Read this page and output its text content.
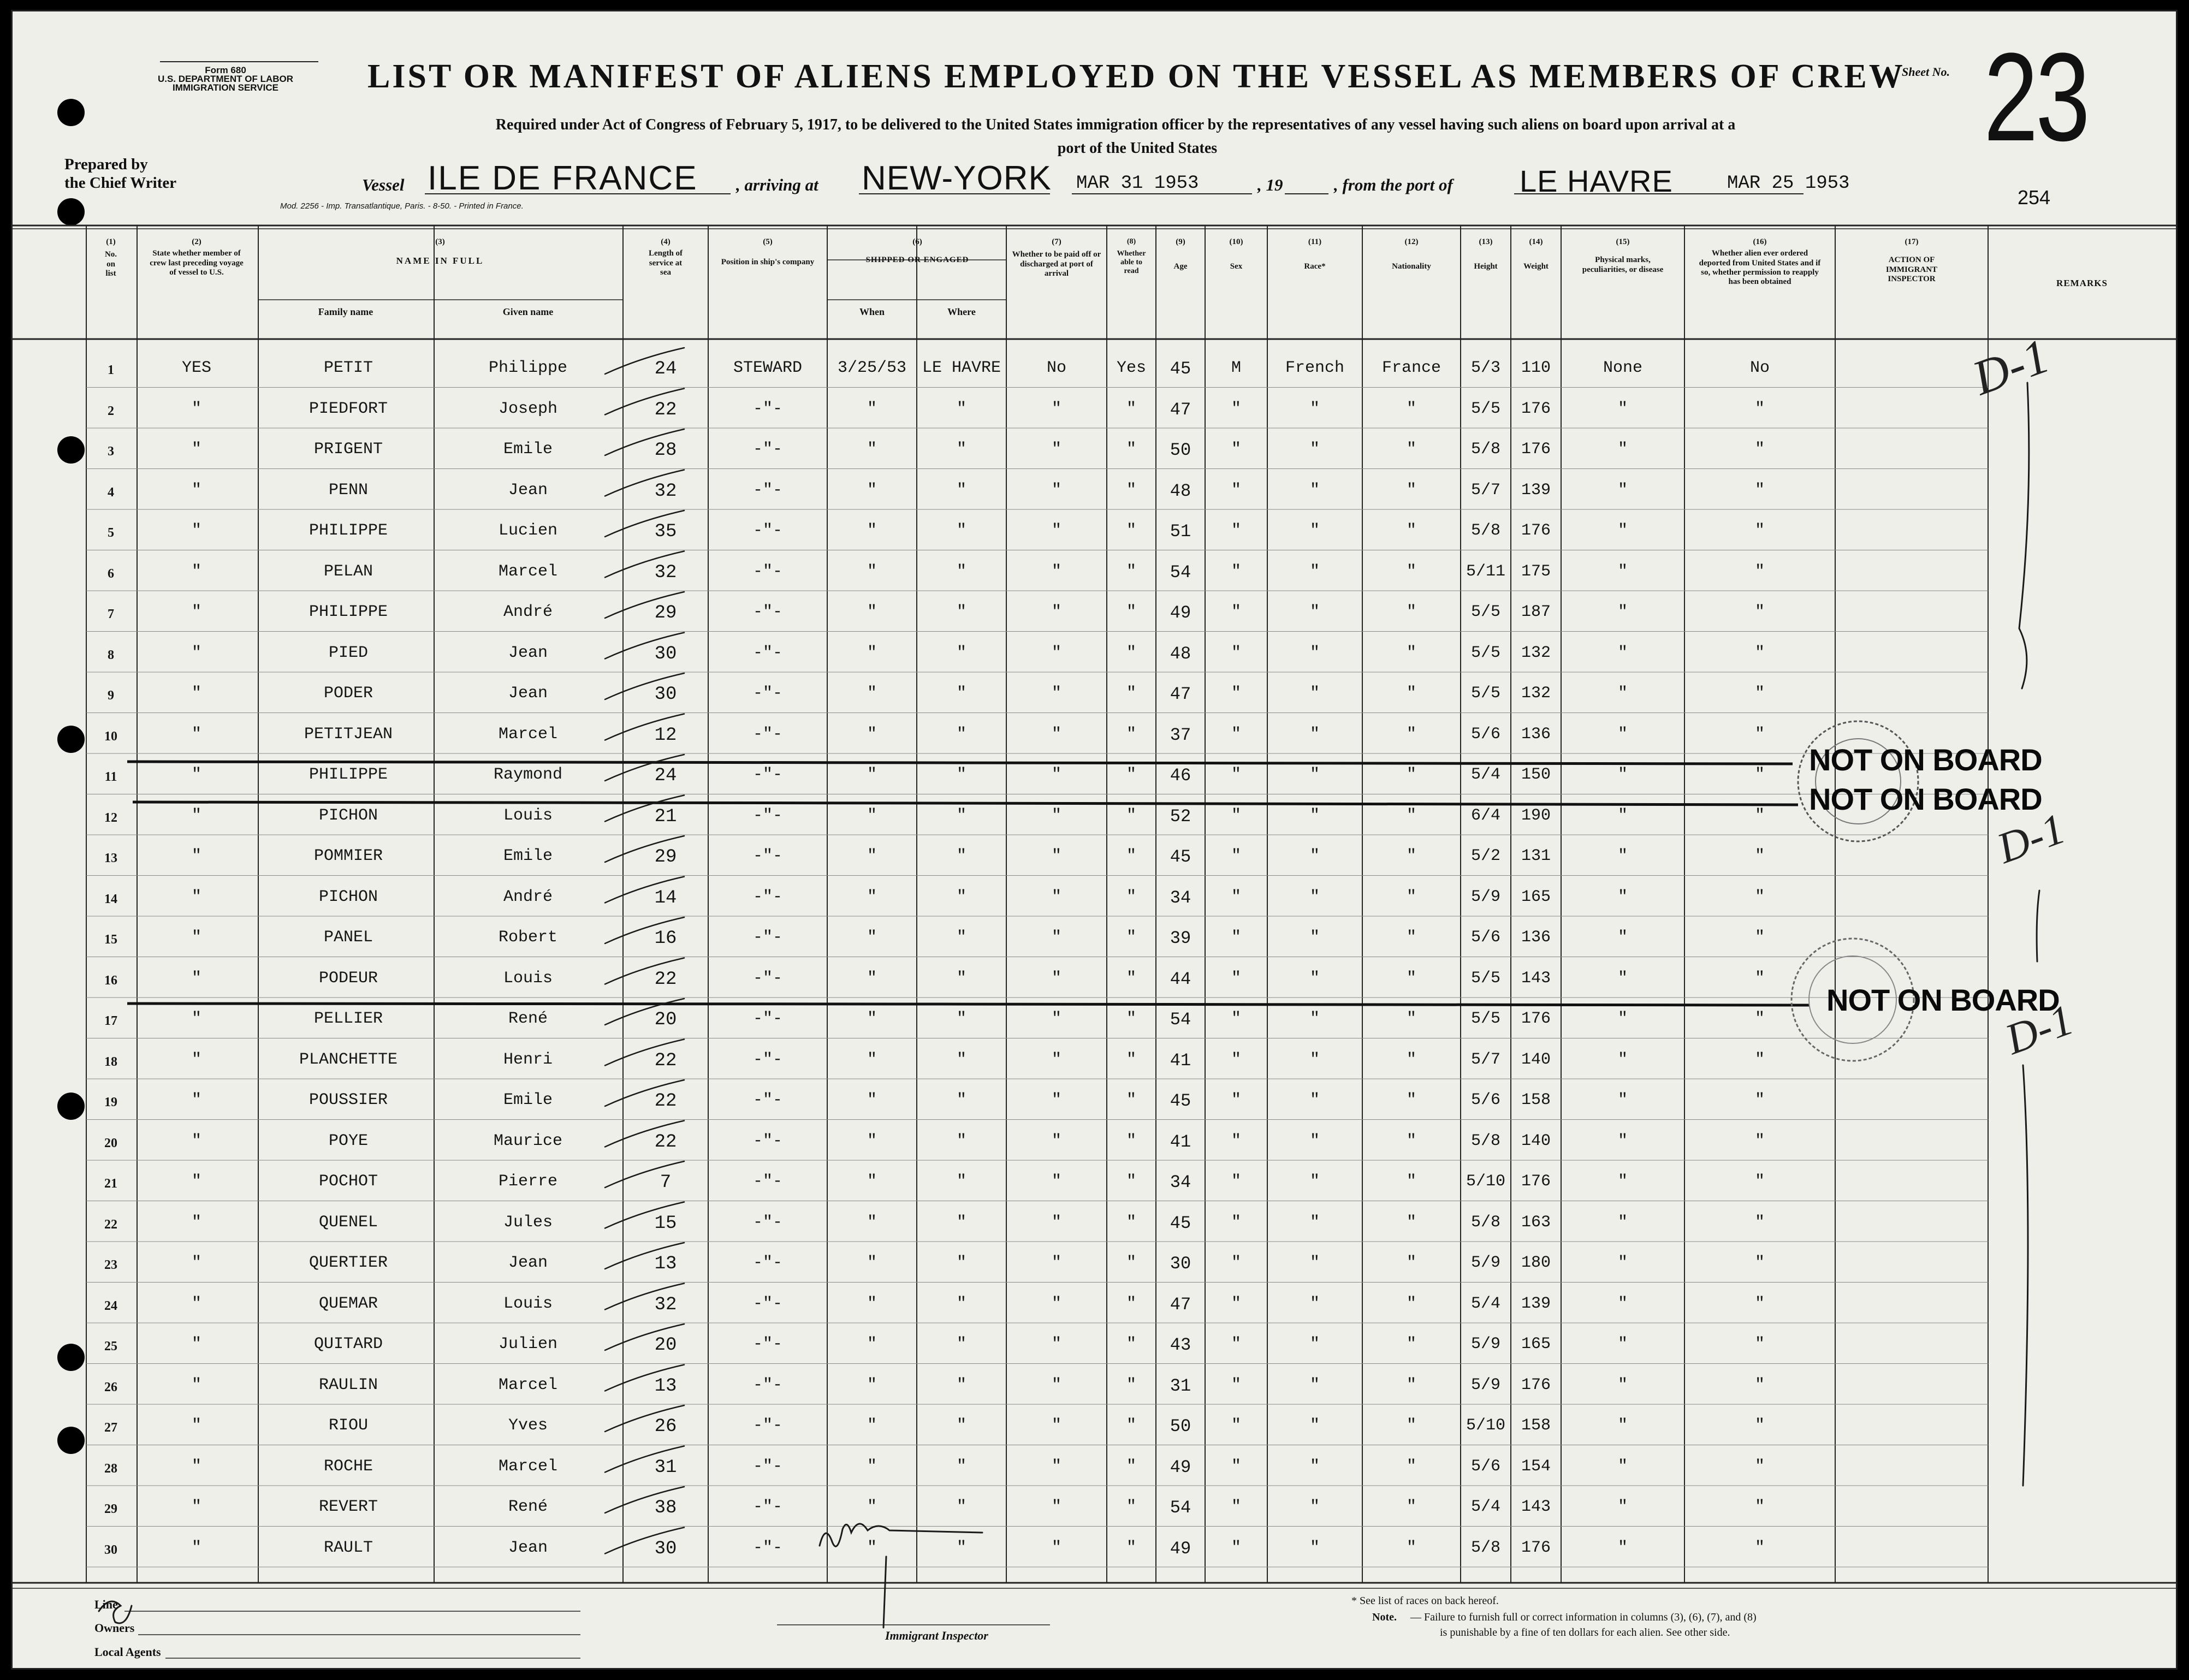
Form 680
U.S. DEPARTMENT OF LABOR
IMMIGRATION SERVICE	LIST OR MANIFEST OF ALIENS EMPLOYED ON THE VESSEL AS MEMBERS OF CREW
Sheet No. 23
Required under Act of Congress of February 5, 1917, to be delivered to the United States immigration officer by the representatives of any vessel having such aliens on board upon arrival at a
port of the United States
Prepared by
the Chief Writer	Vessel ILE DE FRANCE , arriving at NEW-YORK MAR 31 1953	, 19	, from the port of LE HAVRE	MAR 25 1953
254
Mod. 2256 - Imp. Transatlantique, Paris. - 8-50. - Printed in France.
(1)
No. on list
(2)
State whether member of crew last preceding voyage of vessel to U.S.
(3)
NAME IN FULL
Family name	Given name
(4)
Length of service at sea
(5)
Position in ship's company
(6)
SHIPPED OR ENGAGED
When	Where
(7)
Whether to be paid off or discharged at port of arrival
(8)
Whether able to read
(9)
Age
(10)
Sex
(11)
Race*
(12)
Nationality
(13)
Height
(14)
Weight
(15)
Physical marks, peculiarities, or disease
(16)
Whether alien ever ordered deported from United States and if so, whether permission to reapply has been obtained
(17)
ACTION OF IMMIGRANT INSPECTOR	REMARKS
1	YES	PETIT	Philippe	24	STEWARD	3/25/53 LE HAVRE	No	Yes	45	M	French	France	5/3	110	None	No
2	"	PIEDFORT	Joseph	22	-"-	"	"	"	"	47	"	"	"	5/5	176	"	"
3	"	PRIGENT	Emile	28	-"-	"	"	"	"	50	"	"	"	5/8	176	"	"
4	"	PENN	Jean	32	-"-	"	"	"	"	48	"	"	"	5/7	139	"	"
5	"	PHILIPPE	Lucien	35	-"-	"	"	"	"	51	"	"	"	5/8	176	"	"
6	"	PELAN	Marcel	32	-"-	"	"	"	"	54	"	"	"	5/11 175	"	"
7	"	PHILIPPE	André	29	-"-	"	"	"	"	49	"	"	"	5/5	187	"	"
8	"	PIED	Jean	30	-"-	"	"	"	"	48	"	"	"	5/5	132	"	"
9	"	PODER	Jean	30	-"-	"	"	"	"	47	"	"	"	5/5	132	"	"
10	"	PETITJEAN	Marcel	12	-"-	"	"	"	"	37	"	"	"	5/6	136	"	"
11	"	PHILIPPE	Raymond	24	-"-	"	"	"	"	46	"	"	"	5/4	150	"	"
12	"	PICHON	Louis	21	-"-	"	"	"	"	52	"	"	"	6/4	190	"	"
13	"	POMMIER	Emile	29	-"-	"	"	"	"	45	"	"	"	5/2	131	"	"
14	"	PICHON	André	14	-"-	"	"	"	"	34	"	"	"	5/9	165	"	"
15	"	PANEL	Robert	16	-"-	"	"	"	"	39	"	"	"	5/6	136	"	"
16	"	PODEUR	Louis	22	-"-	"	"	"	"	44	"	"	"	5/5	143	"	"
17	"	PELLIER	René	20	-"-	"	"	"	"	54	"	"	"	5/5	176	"	"
18	"	PLANCHETTE	Henri	22	-"-	"	"	"	"	41	"	"	"	5/7	140	"	"
19	"	POUSSIER	Emile	22	-"-	"	"	"	"	45	"	"	"	5/6	158	"	"
20	"	POYE	Maurice	22	-"-	"	"	"	"	41	"	"	"	5/8	140	"	"
21	"	POCHOT	Pierre	7	-"-	"	"	"	"	34	"	"	"	5/10 176	"	"
22	"	QUENEL	Jules	15	-"-	"	"	"	"	45	"	"	"	5/8	163	"	"
23	"	QUERTIER	Jean	13	-"-	"	"	"	"	30	"	"	"	5/9	180	"	"
24	"	QUEMAR	Louis	32	-"-	"	"	"	"	47	"	"	"	5/4	139	"	"
25	"	QUITARD	Julien	20	-"-	"	"	"	"	43	"	"	"	5/9	165	"	"
26	"	RAULIN	Marcel	13	-"-	"	"	"	"	31	"	"	"	5/9	176	"	"
27	"	RIOU	Yves	26	-"-	"	"	"	"	50	"	"	"	5/10 158	"	"
28	"	ROCHE	Marcel	31	-"-	"	"	"	"	49	"	"	"	5/6	154	"	"
29	"	REVERT	René	38	-"-	"	"	"	"	54	"	"	"	5/4	143	"	"
30	"	RAULT	Jean	30	-"-	"	"	"	"	49	"	"	"	5/8	176	"	"
NOT ON BOARD
NOT ON BOARD
NOT ON BOARD
D-1
D-1
D-1
Line
Owners
Local Agents
Immigrant Inspector
* See list of races on back hereof.
Note. — Failure to furnish full or correct information in columns (3), (6), (7), and (8)
is punishable by a fine of ten dollars for each alien. See other side.
